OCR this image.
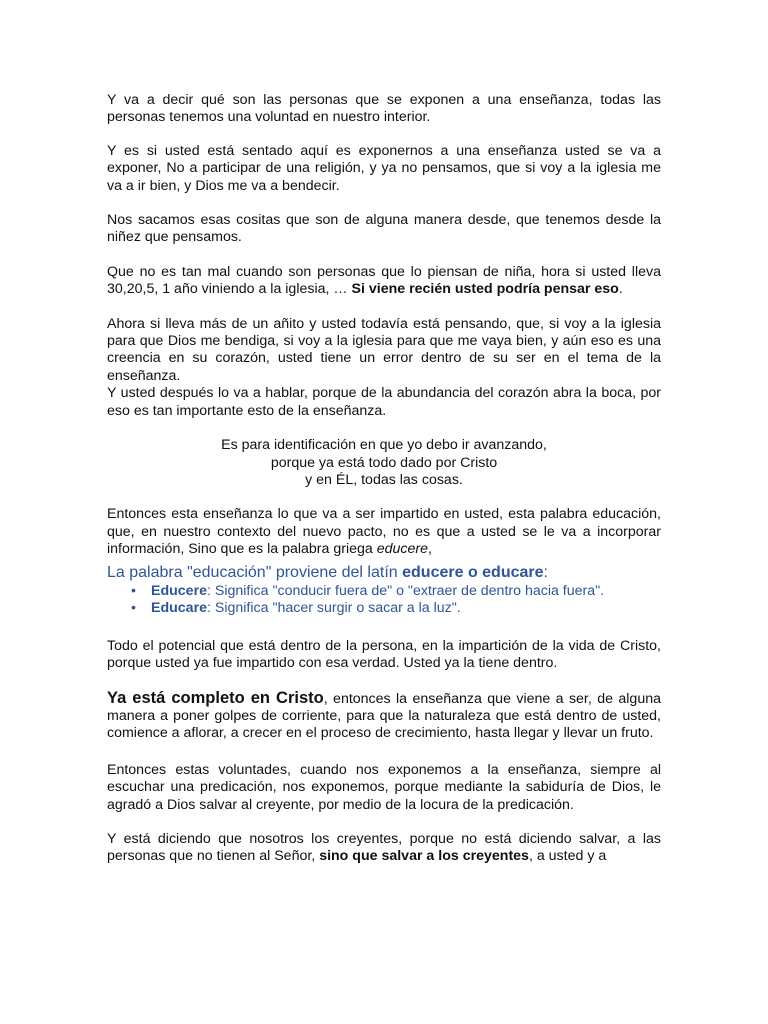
Y va a decir qué son las personas que se exponen a una enseñanza, todas las personas tenemos una voluntad en nuestro interior.

Y es si usted está sentado aquí es exponernos a una enseñanza usted se va a exponer, No a participar de una religión, y ya no pensamos, que si voy a la iglesia me va a ir bien, y Dios me va a bendecir.

Nos sacamos esas cositas que son de alguna manera desde, que tenemos desde la niñez que pensamos.

Que no es tan mal cuando son personas que lo piensan de niña, hora si usted lleva 30,20,5, 1 año viniendo a la iglesia, … Si viene recién usted podría pensar eso.

Ahora si lleva más de un añito y usted todavía está pensando, que, si voy a la iglesia para que Dios me bendiga, si voy a la iglesia para que me vaya bien, y aún eso es una creencia en su corazón, usted tiene un error dentro de su ser en el tema de la enseñanza.

Y usted después lo va a hablar, porque de la abundancia del corazón abra la boca, por eso es tan importante esto de la enseñanza.

Es para identificación en que yo debo ir avanzando,

porque ya está todo dado por Cristo

y en ÉL, todas las cosas.

Entonces esta enseñanza lo que va a ser impartido en usted, esta palabra educación, que, en nuestro contexto del nuevo pacto, no es que a usted se le va a incorporar información, Sino que es la palabra griega educere,

La palabra "educación" proviene del latín educere o educare:

• Educere: Significa "conducir fuera de" o "extraer de dentro hacia fuera".
• Educare: Significa "hacer surgir o sacar a la luz".

Todo el potencial que está dentro de la persona, en la impartición de la vida de Cristo, porque usted ya fue impartido con esa verdad. Usted ya la tiene dentro.

Ya está completo en Cristo, entonces la enseñanza que viene a ser, de alguna manera a poner golpes de corriente, para que la naturaleza que está dentro de usted, comience a aflorar, a crecer en el proceso de crecimiento, hasta llegar y llevar un fruto.

Entonces estas voluntades, cuando nos exponemos a la enseñanza, siempre al escuchar una predicación, nos exponemos, porque mediante la sabiduría de Dios, le agradó a Dios salvar al creyente, por medio de la locura de la predicación.

Y está diciendo que nosotros los creyentes, porque no está diciendo salvar, a las personas que no tienen al Señor, sino que salvar a los creyentes, a usted y a
